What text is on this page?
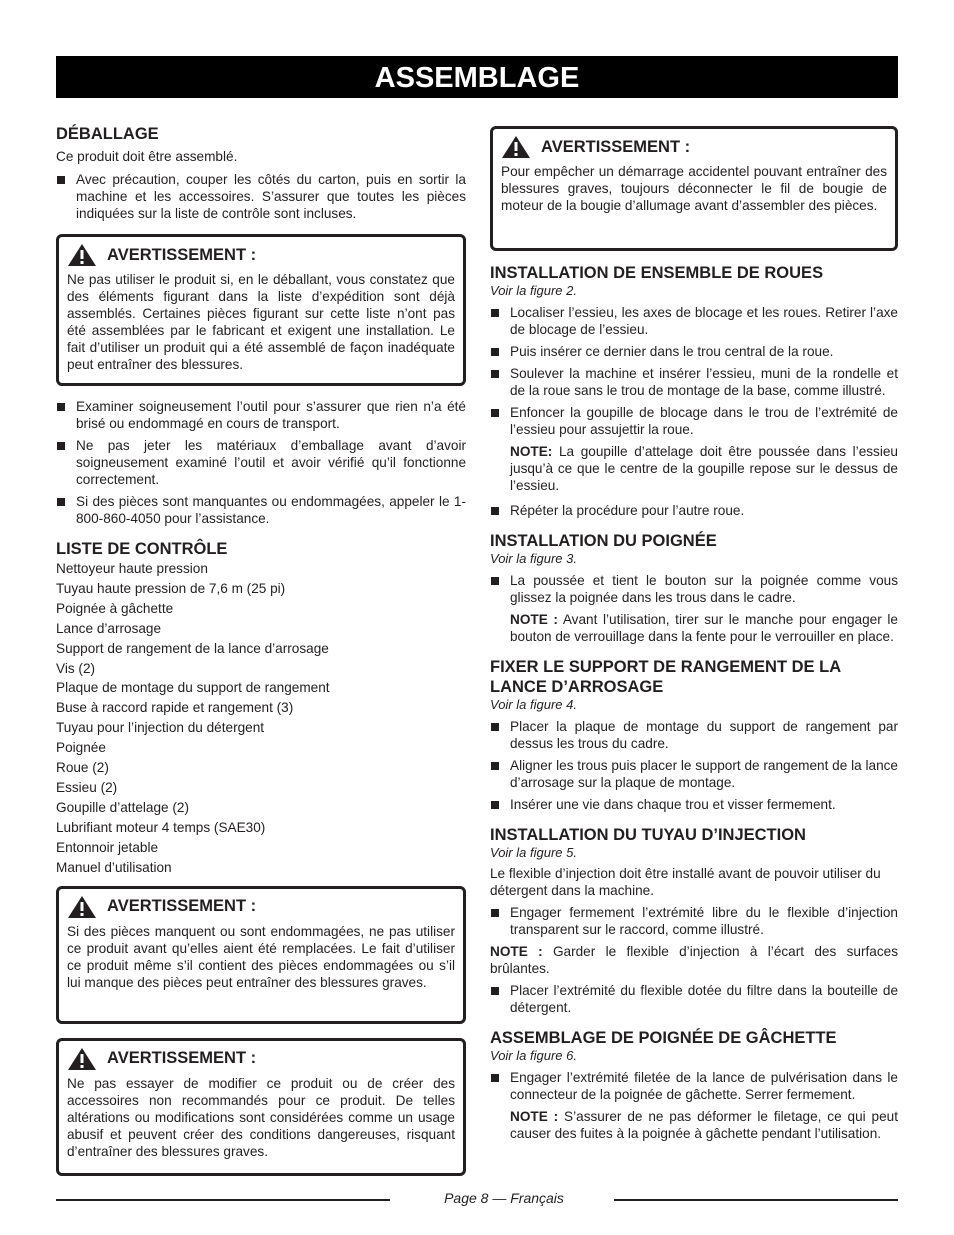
ASSEMBLAGE
DÉBALLAGE

Ce produit doit être assemblé.

Avec précaution, couper les côtés du carton, puis en sortir la machine et les accessoires. S’assurer que toutes les pièces indiquées sur la liste de contrôle sont incluses.
AVERTISSEMENT :

Ne pas utiliser le produit si, en le déballant, vous constatez que des éléments figurant dans la liste d’expédition sont déjà assemblés. Certaines pièces figurant sur cette liste n’ont pas été assemblées par le fabricant et exigent une installation. Le fait d’utiliser un produit qui a été assemblé de façon inadéquate peut entraîner des blessures.

Examiner soigneusement l’outil pour s’assurer que rien n’a été brisé ou endommagé en cours de transport.
Ne pas jeter les matériaux d’emballage avant d’avoir soigneusement examiné l’outil et avoir vérifié qu’il fonctionne correctement.
Si des pièces sont manquantes ou endommagées, appeler le 1-800-860-4050 pour l’assistance.
LISTE DE CONTRÔLE

Nettoyeur haute pression

Tuyau haute pression de 7,6 m (25 pi)

Poignée à gâchette

Lance d’arrosage

Support de rangement de la lance d’arrosage

Vis (2)

Plaque de montage du support de rangement

Buse à raccord rapide et rangement (3)

Tuyau pour l’injection du détergent

Poignée

Roue (2)

Essieu (2)

Goupille d’attelage (2)

Lubrifiant moteur 4 temps (SAE30)

Entonnoir jetable

Manuel d’utilisation

AVERTISSEMENT :

Si des pièces manquent ou sont endommagées, ne pas utiliser ce produit avant qu’elles aient été remplacées. Le fait d’utiliser ce produit même s’il contient des pièces endommagées ou s’il lui manque des pièces peut entraîner des blessures graves.

AVERTISSEMENT :

Ne pas essayer de modifier ce produit ou de créer des accessoires non recommandés pour ce produit. De telles altérations ou modifications sont considérées comme un usage abusif et peuvent créer des conditions dangereuses, risquant d’entraîner des blessures graves.

AVERTISSEMENT :

Pour empêcher un démarrage accidentel pouvant entraîner des blessures graves, toujours déconnecter le fil de bougie de moteur de la bougie d’allumage avant d’assembler des pièces.

INSTALLATION DE ENSEMBLE DE ROUES

Voir la figure 2.

Localiser l’essieu, les axes de blocage et les roues. Retirer l’axe de blocage de l’essieu.
Puis insérer ce dernier dans le trou central de la roue.
Soulever la machine et insérer l’essieu, muni de la rondelle et de la roue sans le trou de montage de la base, comme illustré.
Enfoncer la goupille de blocage dans le trou de l’extrémité de l’essieu pour assujettir la roue.

NOTE: La goupille d’attelage doit être poussée dans l’essieu jusqu’à ce que le centre de la goupille repose sur le dessus de l’essieu.

Répéter la procédure pour l’autre roue.
INSTALLATION DU POIGNÉE

Voir la figure 3.

La poussée et tient le bouton sur la poignée comme vous glissez la poignée dans les trous dans le cadre.

NOTE : Avant l’utilisation, tirer sur le manche pour engager le bouton de verrouillage dans la fente pour le verrouiller en place.

FIXER LE SUPPORT DE RANGEMENT DE LA LANCE D’ARROSAGE

Voir la figure 4.

Placer la plaque de montage du support de rangement par dessus les trous du cadre.
Aligner les trous puis placer le support de rangement de la lance d’arrosage sur la plaque de montage.
Insérer une vie dans chaque trou et visser fermement.
INSTALLATION DU TUYAU D’INJECTION

Voir la figure 5.

Le flexible d’injection doit être installé avant de pouvoir utiliser du détergent dans la machine.

Engager fermement l’extrémité libre du le flexible d’injection transparent sur le raccord, comme illustré.

NOTE : Garder le flexible d’injection à l’écart des surfaces brûlantes.

Placer l’extrémité du flexible dotée du filtre dans la bouteille de détergent.
ASSEMBLAGE DE POIGNÉE DE GÂCHETTE

Voir la figure 6.

Engager l’extrémité filetée de la lance de pulvérisation dans le connecteur de la poignée de gâchette. Serrer fermement.

NOTE : S’assurer de ne pas déformer le filetage, ce qui peut causer des fuites à la poignée à gâchette pendant l’utilisation.

Page 8 — Français
